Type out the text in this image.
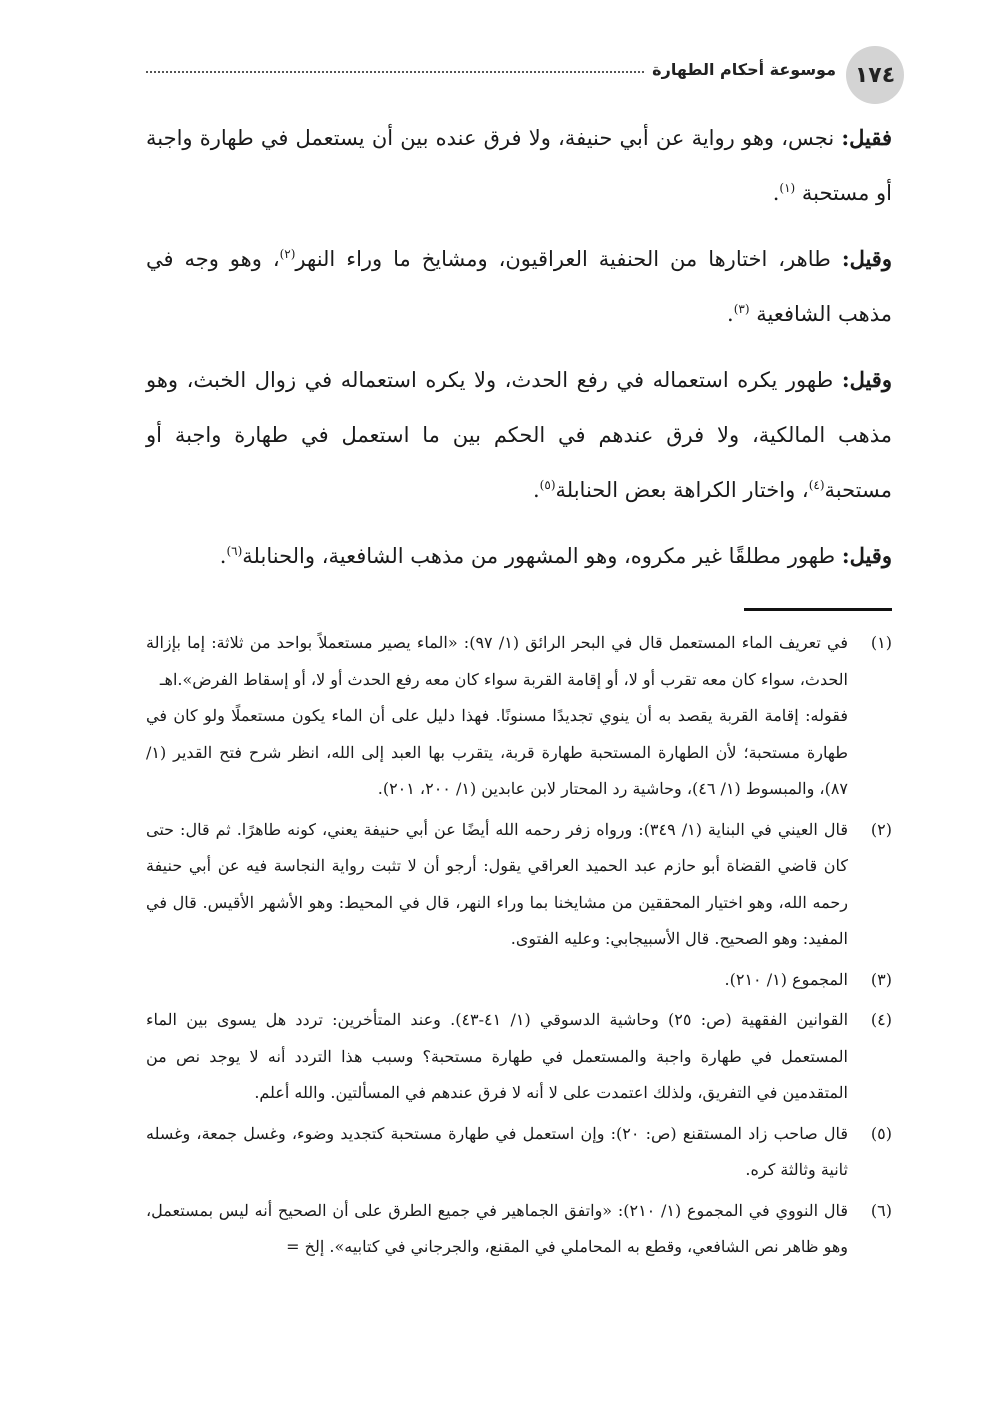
١٧٤
موسوعة أحكام الطهارة

فقيل: نجس، وهو رواية عن أبي حنيفة، ولا فرق عنده بين أن يستعمل في طهارة واجبة أو مستحبة $^{(١)}$.

وقيل: طاهر، اختارها من الحنفية العراقيون، ومشايخ ما وراء النهر$^{(٢)}$، وهو وجه في مذهب الشافعية $^{(٣)}$.

وقيل: طهور يكره استعماله في رفع الحدث، ولا يكره استعماله في زوال الخبث، وهو مذهب المالكية، ولا فرق عندهم في الحكم بين ما استعمل في طهارة واجبة أو مستحبة$^{(٤)}$، واختار الكراهة بعض الحنابلة$^{(٥)}$.

وقيل: طهور مطلقًا غير مكروه، وهو المشهور من مذهب الشافعية، والحنابلة$^{(٦)}$.

(١)

في تعريف الماء المستعمل قال في البحر الرائق (١/ ٩٧): «الماء يصير مستعملاً بواحد من ثلاثة: إما بإزالة الحدث، سواء كان معه تقرب أو لا، أو إقامة القربة سواء كان معه رفع الحدث أو لا، أو إسقاط الفرض».اهـ

فقوله: إقامة القربة يقصد به أن ينوي تجديدًا مسنونًا. فهذا دليل على أن الماء يكون مستعملًا ولو كان في طهارة مستحبة؛ لأن الطهارة المستحبة طهارة قربة، يتقرب بها العبد إلى الله، انظر شرح فتح القدير (١/ ٨٧)، والمبسوط (١/ ٤٦)، وحاشية رد المحتار لابن عابدين (١/ ٢٠٠، ٢٠١).

(٢)

قال العيني في البناية (١/ ٣٤٩): ورواه زفر رحمه الله أيضًا عن أبي حنيفة يعني، كونه طاهرًا. ثم قال: حتى كان قاضي القضاة أبو حازم عبد الحميد العراقي يقول: أرجو أن لا تثبت رواية النجاسة فيه عن أبي حنيفة رحمه الله، وهو اختيار المحققين من مشايخنا بما وراء النهر، قال في المحيط: وهو الأشهر الأقيس. قال في المفيد: وهو الصحيح. قال الأسبيجابي: وعليه الفتوى.

(٣)

المجموع (١/ ٢١٠).

(٤)

القوانين الفقهية (ص: ٢٥) وحاشية الدسوقي (١/ ٤١-٤٣). وعند المتأخرين: تردد هل يسوى بين الماء المستعمل في طهارة واجبة والمستعمل في طهارة مستحبة؟ وسبب هذا التردد أنه لا يوجد نص من المتقدمين في التفريق، ولذلك اعتمدت على لا أنه لا فرق عندهم في المسألتين. والله أعلم.

(٥)

قال صاحب زاد المستقنع (ص: ٢٠): وإن استعمل في طهارة مستحبة كتجديد وضوء، وغسل جمعة، وغسله ثانية وثالثة كره.

(٦)

قال النووي في المجموع (١/ ٢١٠): «واتفق الجماهير في جميع الطرق على أن الصحيح أنه ليس بمستعمل، وهو ظاهر نص الشافعي، وقطع به المحاملي في المقنع، والجرجاني في كتابيه». إلخ =
